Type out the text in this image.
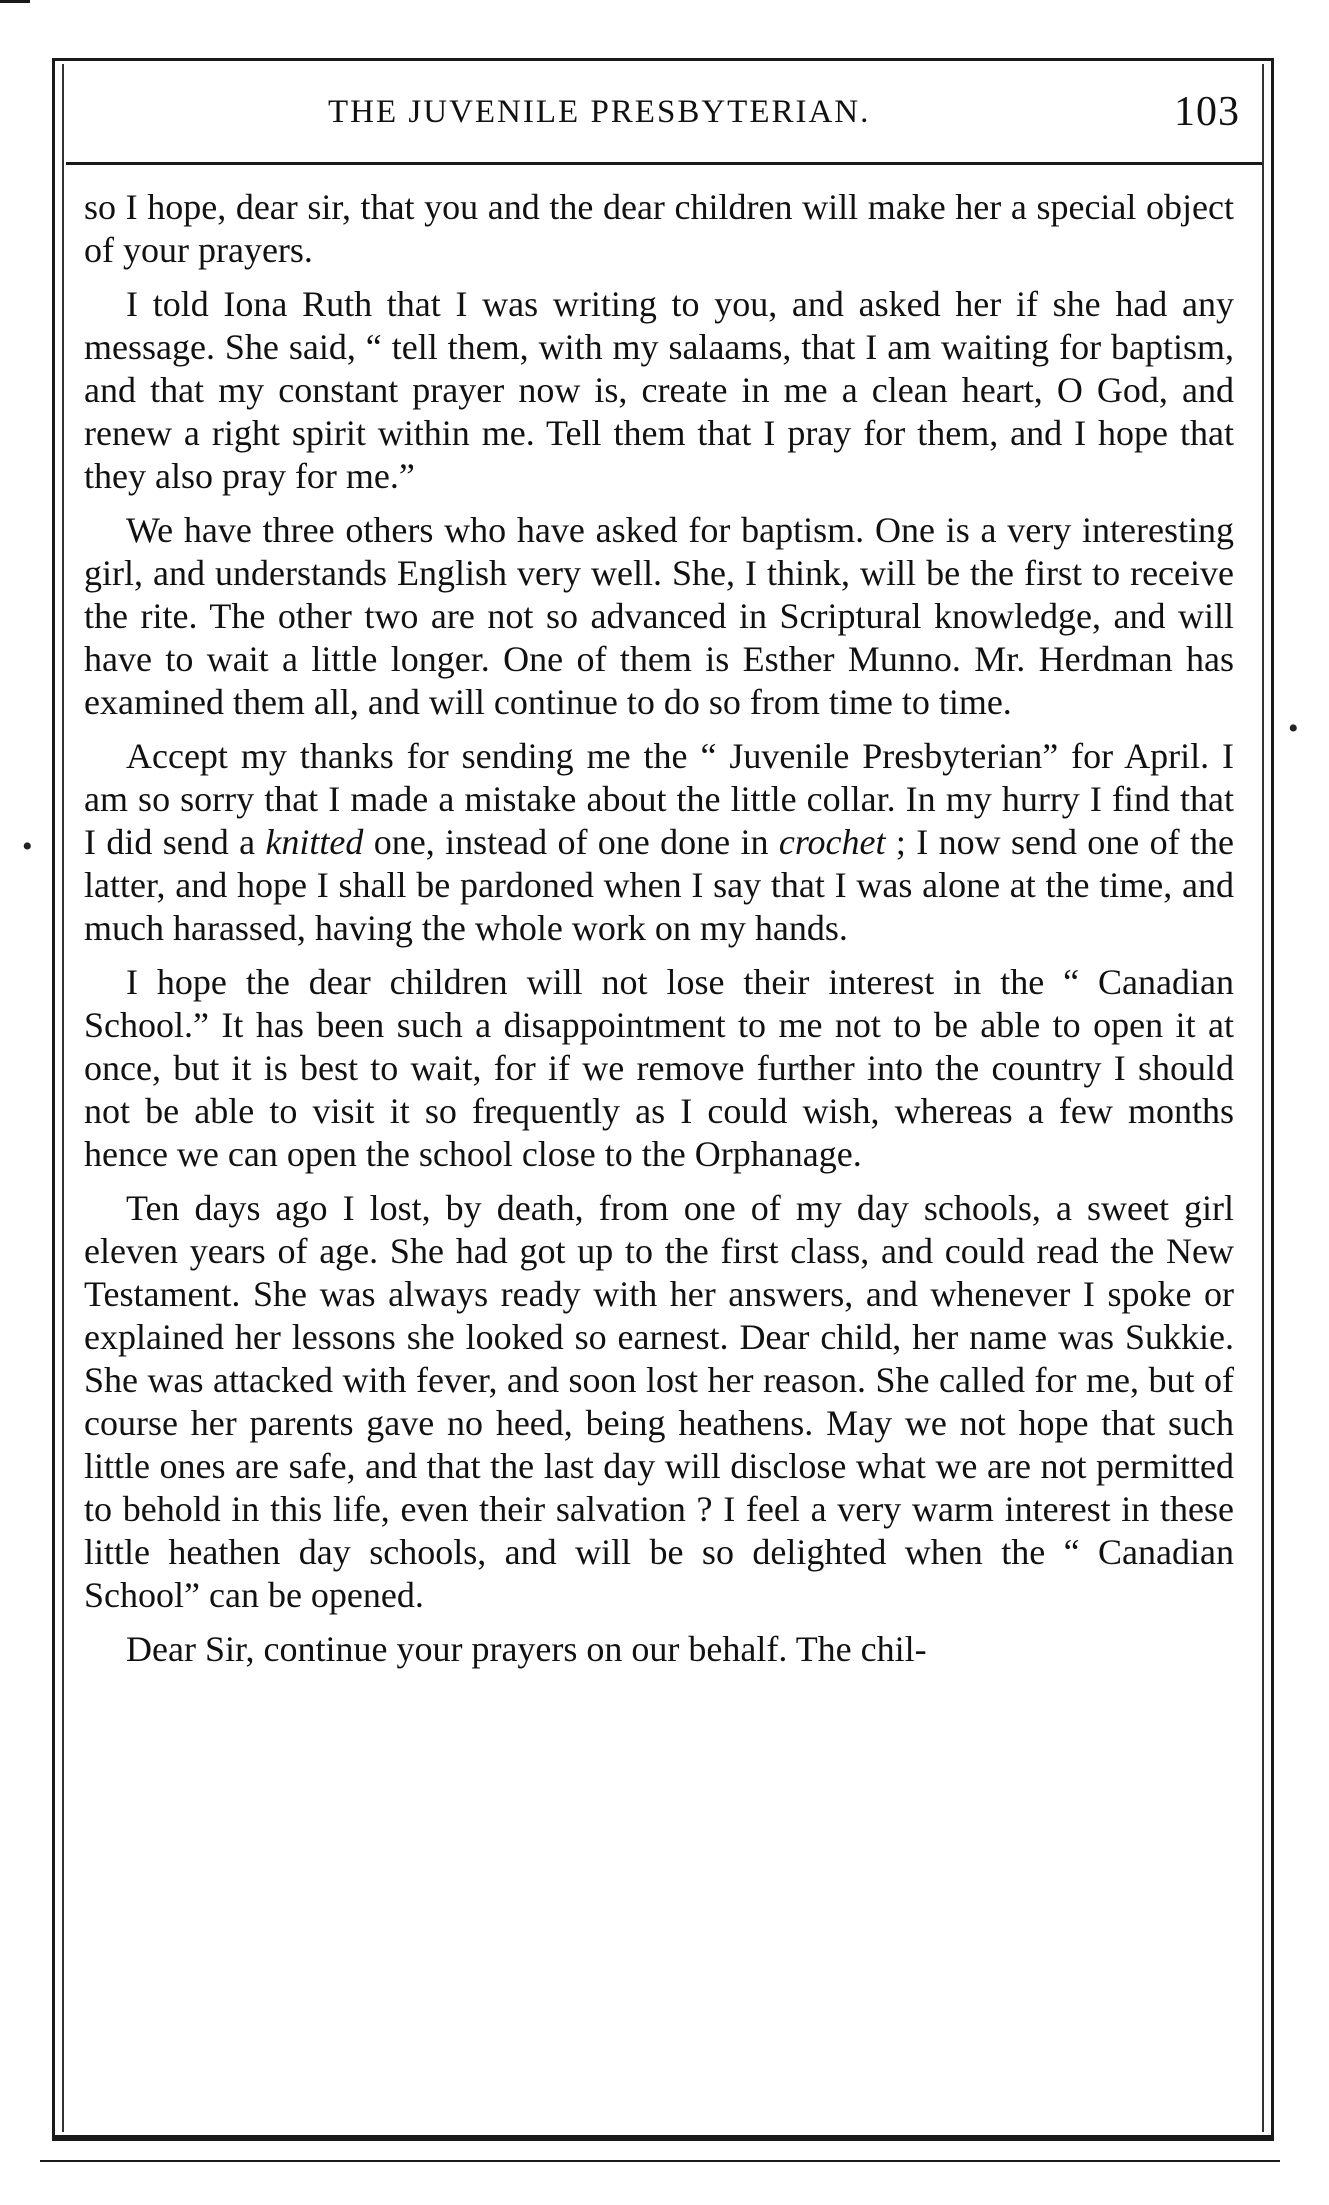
THE JUVENILE PRESBYTERIAN.	103

so I hope, dear sir, that you and the dear children will make her a special object of your prayers.

I told Iona Ruth that I was writing to you, and asked her if she had any message. She said, “ tell them, with my salaams, that I am waiting for baptism, and that my constant prayer now is, create in me a clean heart, O God, and renew a right spirit within me. Tell them that I pray for them, and I hope that they also pray for me.”

We have three others who have asked for baptism. One is a very interesting girl, and understands English very well. She, I think, will be the first to receive the rite. The other two are not so advanced in Scriptural knowledge, and will have to wait a little longer. One of them is Esther Munno. Mr. Herdman has examined them all, and will continue to do so from time to time.

Accept my thanks for sending me the “ Juvenile Presbyterian” for April. I am so sorry that I made a mistake about the little collar. In my hurry I find that I did send a knitted one, instead of one done in crochet ; I now send one of the latter, and hope I shall be pardoned when I say that I was alone at the time, and much harassed, having the whole work on my hands.

I hope the dear children will not lose their interest in the “ Canadian School.” It has been such a disappointment to me not to be able to open it at once, but it is best to wait, for if we remove further into the country I should not be able to visit it so frequently as I could wish, whereas a few months hence we can open the school close to the Orphanage.

Ten days ago I lost, by death, from one of my day schools, a sweet girl eleven years of age. She had got up to the first class, and could read the New Testament. She was always ready with her answers, and whenever I spoke or explained her lessons she looked so earnest. Dear child, her name was Sukkie. She was attacked with fever, and soon lost her reason. She called for me, but of course her parents gave no heed, being heathens. May we not hope that such little ones are safe, and that the last day will disclose what we are not permitted to behold in this life, even their salvation ? I feel a very warm interest in these little heathen day schools, and will be so delighted when the “ Canadian School” can be opened.

Dear Sir, continue your prayers on our behalf. The chil-

•
•
